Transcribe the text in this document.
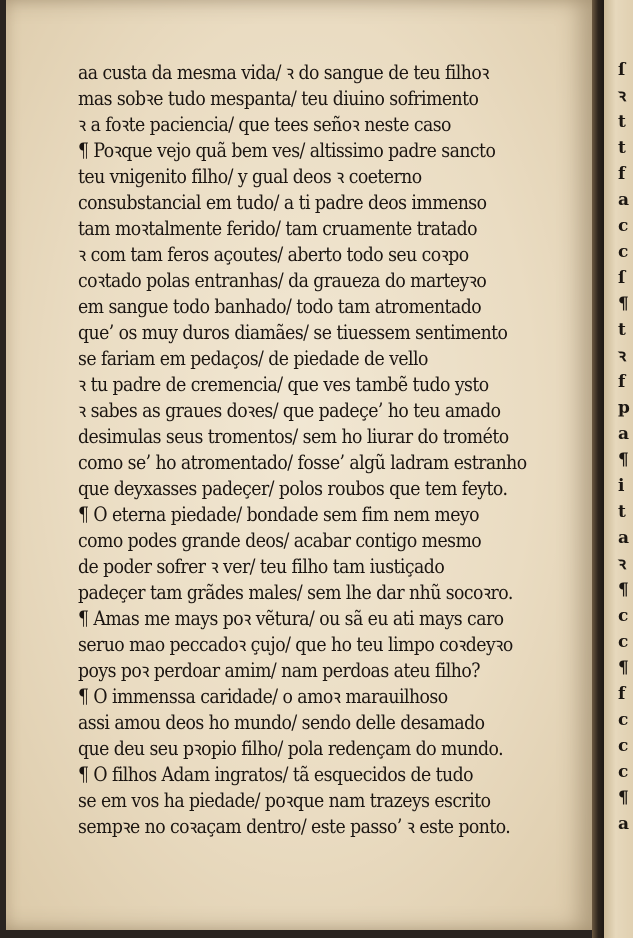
aa custa da mesma vida/ ꝛ do sangue de teu filhoꝛ
mas sobꝛe tudo mespanta/ teu diuino sofrimento
ꝛ a foꝛte paciencia/ que tees señoꝛ neste caso
¶ Poꝛque vejo quã bem ves/ altissimo padre sancto
teu vnigenito filho/ y gual deos ꝛ coeterno
consubstancial em tudo/ a ti padre deos immenso
tam moꝛtalmente ferido/ tam cruamente tratado
ꝛ com tam feros açoutes/ aberto todo seu coꝛpo
coꝛtado polas entranhas/ da graueza do marteyꝛo
em sangue todo banhado/ todo tam atromentado
que’ os muy duros diamães/ se tiuessem sentimento
se fariam em pedaços/ de piedade de vello
ꝛ tu padre de cremencia/ que ves tambẽ tudo ysto
ꝛ sabes as graues doꝛes/ que padeçe’ ho teu amado
desimulas seus tromentos/ sem ho liurar do trométo
como se’ ho atromentado/ fosse’ algũ ladram estranho
que deyxasses padeçer/ polos roubos que tem feyto.
¶ O eterna piedade/ bondade sem fim nem meyo
como podes grande deos/ acabar contigo mesmo
de poder sofrer ꝛ ver/ teu filho tam iustiçado
padeçer tam grãdes males/ sem lhe dar nhũ socoꝛro.
¶ Amas me mays poꝛ vẽtura/ ou sã eu ati mays caro
seruo mao peccadoꝛ çujo/ que ho teu limpo coꝛdeyꝛo
poys poꝛ perdoar amim/ nam perdoas ateu filho?
¶ O immenssa caridade/ o amoꝛ marauilhoso
assi amou deos ho mundo/ sendo delle desamado
que deu seu pꝛopio filho/ pola redençam do mundo.
¶ O filhos Adam ingratos/ tã esquecidos de tudo
se em vos ha piedade/ poꝛque nam trazeys escrito
sempꝛe no coꝛaçam dentro/ este passo’ ꝛ este ponto.
ſ
ꝛ
t
t
f
a
c
c
ſ
¶
t
ꝛ
f
p
a
¶
i
t
a
ꝛ
¶
c
c
¶
f
c
c
c
¶
a
